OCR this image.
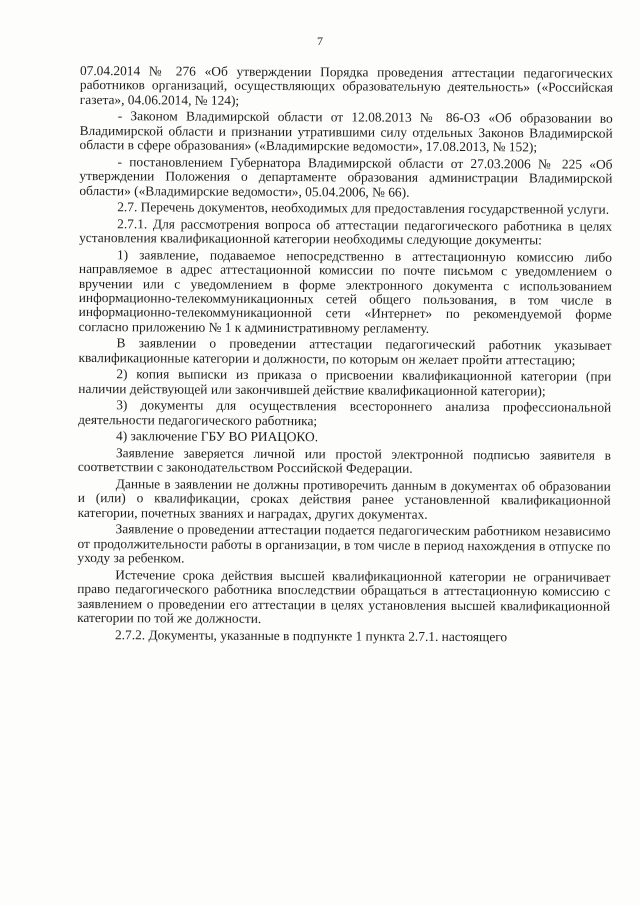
7

07.04.2014 № 276 «Об утверждении Порядка проведения аттестации педагогических работников организаций, осуществляющих образовательную деятельность» («Российская газета», 04.06.2014, № 124);

- Законом Владимирской области от 12.08.2013 № 86-ОЗ «Об образовании во Владимирской области и признании утратившими силу отдельных Законов Владимирской области в сфере образования» («Владимирские ведомости», 17.08.2013, № 152);

- постановлением Губернатора Владимирской области от 27.03.2006 № 225 «Об утверждении Положения о департаменте образования администрации Владимирской области» («Владимирские ведомости», 05.04.2006, № 66).

2.7. Перечень документов, необходимых для предоставления государственной услуги.

2.7.1. Для рассмотрения вопроса об аттестации педагогического работника в целях установления квалификационной категории необходимы следующие документы:

1) заявление, подаваемое непосредственно в аттестационную комиссию либо направляемое в адрес аттестационной комиссии по почте письмом с уведомлением о вручении или с уведомлением в форме электронного документа с использованием информационно-телекоммуникационных сетей общего пользования, в том числе в информационно-телекоммуникационной сети «Интернет» по рекомендуемой форме согласно приложению № 1 к административному регламенту.

В заявлении о проведении аттестации педагогический работник указывает квалификационные категории и должности, по которым он желает пройти аттестацию;

2) копия выписки из приказа о присвоении квалификационной категории (при наличии действующей или закончившей действие квалификационной категории);

3) документы для осуществления всестороннего анализа профессиональной деятельности педагогического работника;

4) заключение ГБУ ВО РИАЦОКО.

Заявление заверяется личной или простой электронной подписью заявителя в соответствии с законодательством Российской Федерации.

Данные в заявлении не должны противоречить данным в документах об образовании и (или) о квалификации, сроках действия ранее установленной квалификационной категории, почетных званиях и наградах, других документах.

Заявление о проведении аттестации подается педагогическим работником независимо от продолжительности работы в организации, в том числе в период нахождения в отпуске по уходу за ребенком.

Истечение срока действия высшей квалификационной категории не ограничивает право педагогического работника впоследствии обращаться в аттестационную комиссию с заявлением о проведении его аттестации в целях установления высшей квалификационной категории по той же должности.

2.7.2. Документы, указанные в подпункте 1 пункта 2.7.1. настоящего
